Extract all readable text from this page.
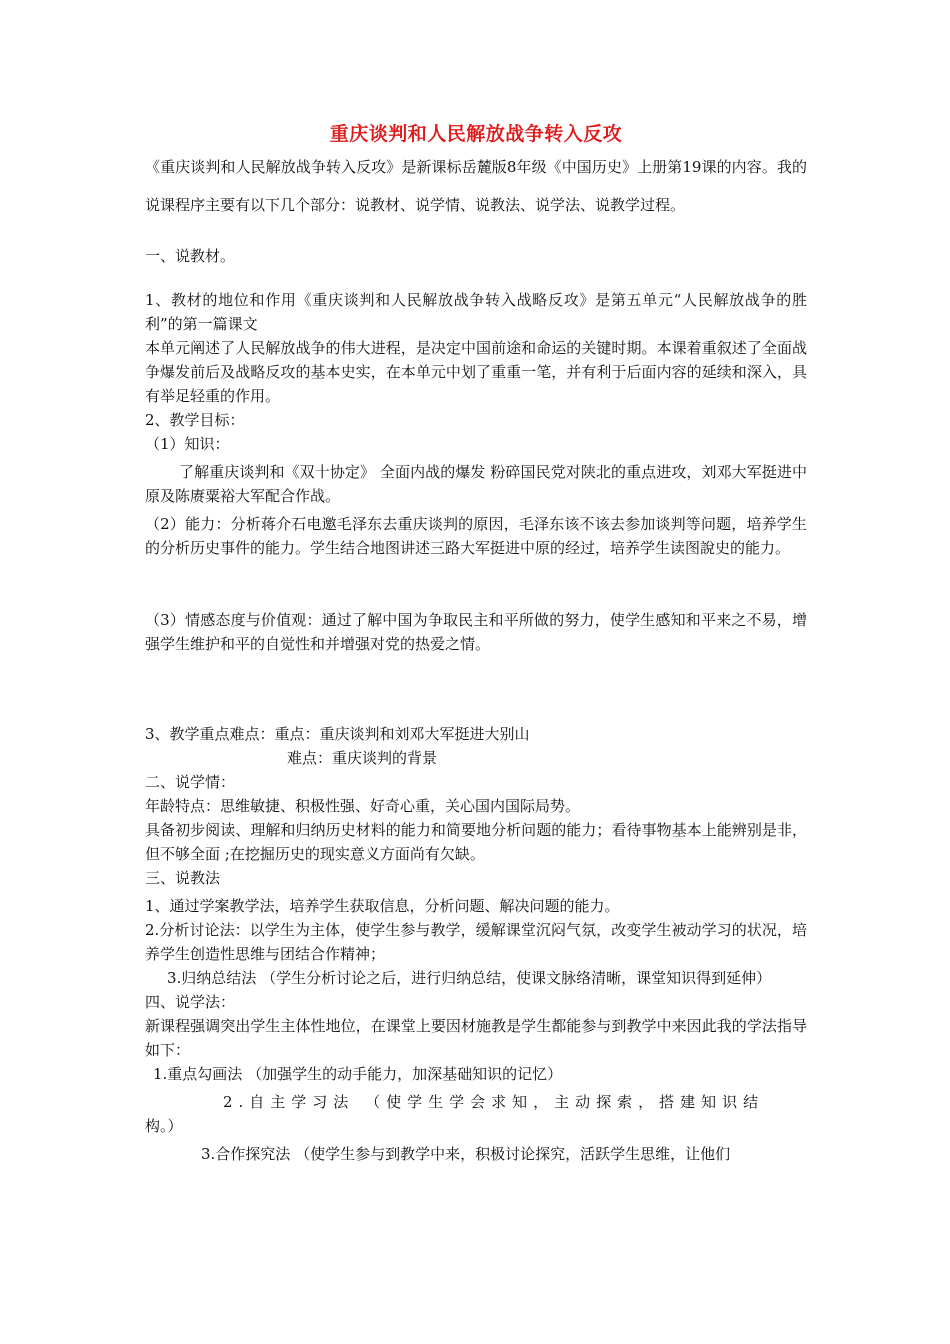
重庆谈判和人民解放战争转入反攻

《重庆谈判和人民解放战争转入反攻》是新课标岳麓版8年级《中国历史》上册第19课的内容。我的说课程序主要有以下几个部分：说教材、说学情、说教法、说学法、说教学过程。

一、说教材。

1、教材的地位和作用《重庆谈判和人民解放战争转入战略反攻》是第五单元“人民解放战争的胜利”的第一篇课文

本单元阐述了人民解放战争的伟大进程，是决定中国前途和命运的关键时期。本课着重叙述了全面战争爆发前后及战略反攻的基本史实，在本单元中划了重重一笔，并有利于后面内容的延续和深入，具有举足轻重的作用。

2、教学目标：

（1）知识：

了解重庆谈判和《双十协定》 全面内战的爆发 粉碎国民党对陕北的重点进攻，刘邓大军挺进中原及陈赓粟裕大军配合作战。

（2）能力：分析蒋介石电邀毛泽东去重庆谈判的原因，毛泽东该不该去参加谈判等问题，培养学生的分析历史事件的能力。学生结合地图讲述三路大军挺进中原的经过，培养学生读图說史的能力。

（3）情感态度与价值观：通过了解中国为争取民主和平所做的努力，使学生感知和平来之不易，增强学生维护和平的自觉性和并增强对党的热爱之情。

3、教学重点难点：重点：重庆谈判和刘邓大军挺进大别山

难点：重庆谈判的背景

二、说学情：

年龄特点：思维敏捷、积极性强、好奇心重，关心国内国际局势。

具备初步阅读、理解和归纳历史材料的能力和简要地分析问题的能力；看待事物基本上能辨别是非，但不够全面 ;在挖掘历史的现实意义方面尚有欠缺。

三、说教法

1、通过学案教学法，培养学生获取信息，分析问题、解决问题的能力。

2.分析讨论法：以学生为主体，使学生参与教学，缓解课堂沉闷气氛，改变学生被动学习的状况，培养学生创造性思维与团结合作精神；

3.归纳总结法 （学生分析讨论之后，进行归纳总结，使课文脉络清晰，课堂知识得到延伸）

四、说学法：

新课程强调突出学生主体性地位，在课堂上要因材施教是学生都能参与到教学中来因此我的学法指导如下：

1.重点勾画法 （加强学生的动手能力，加深基础知识的记忆）

2.自主学习法 （使学生学会求知，主动探索，搭建知识结

构。）

3.合作探究法 （使学生参与到教学中来，积极讨论探究，活跃学生思维，让他们
